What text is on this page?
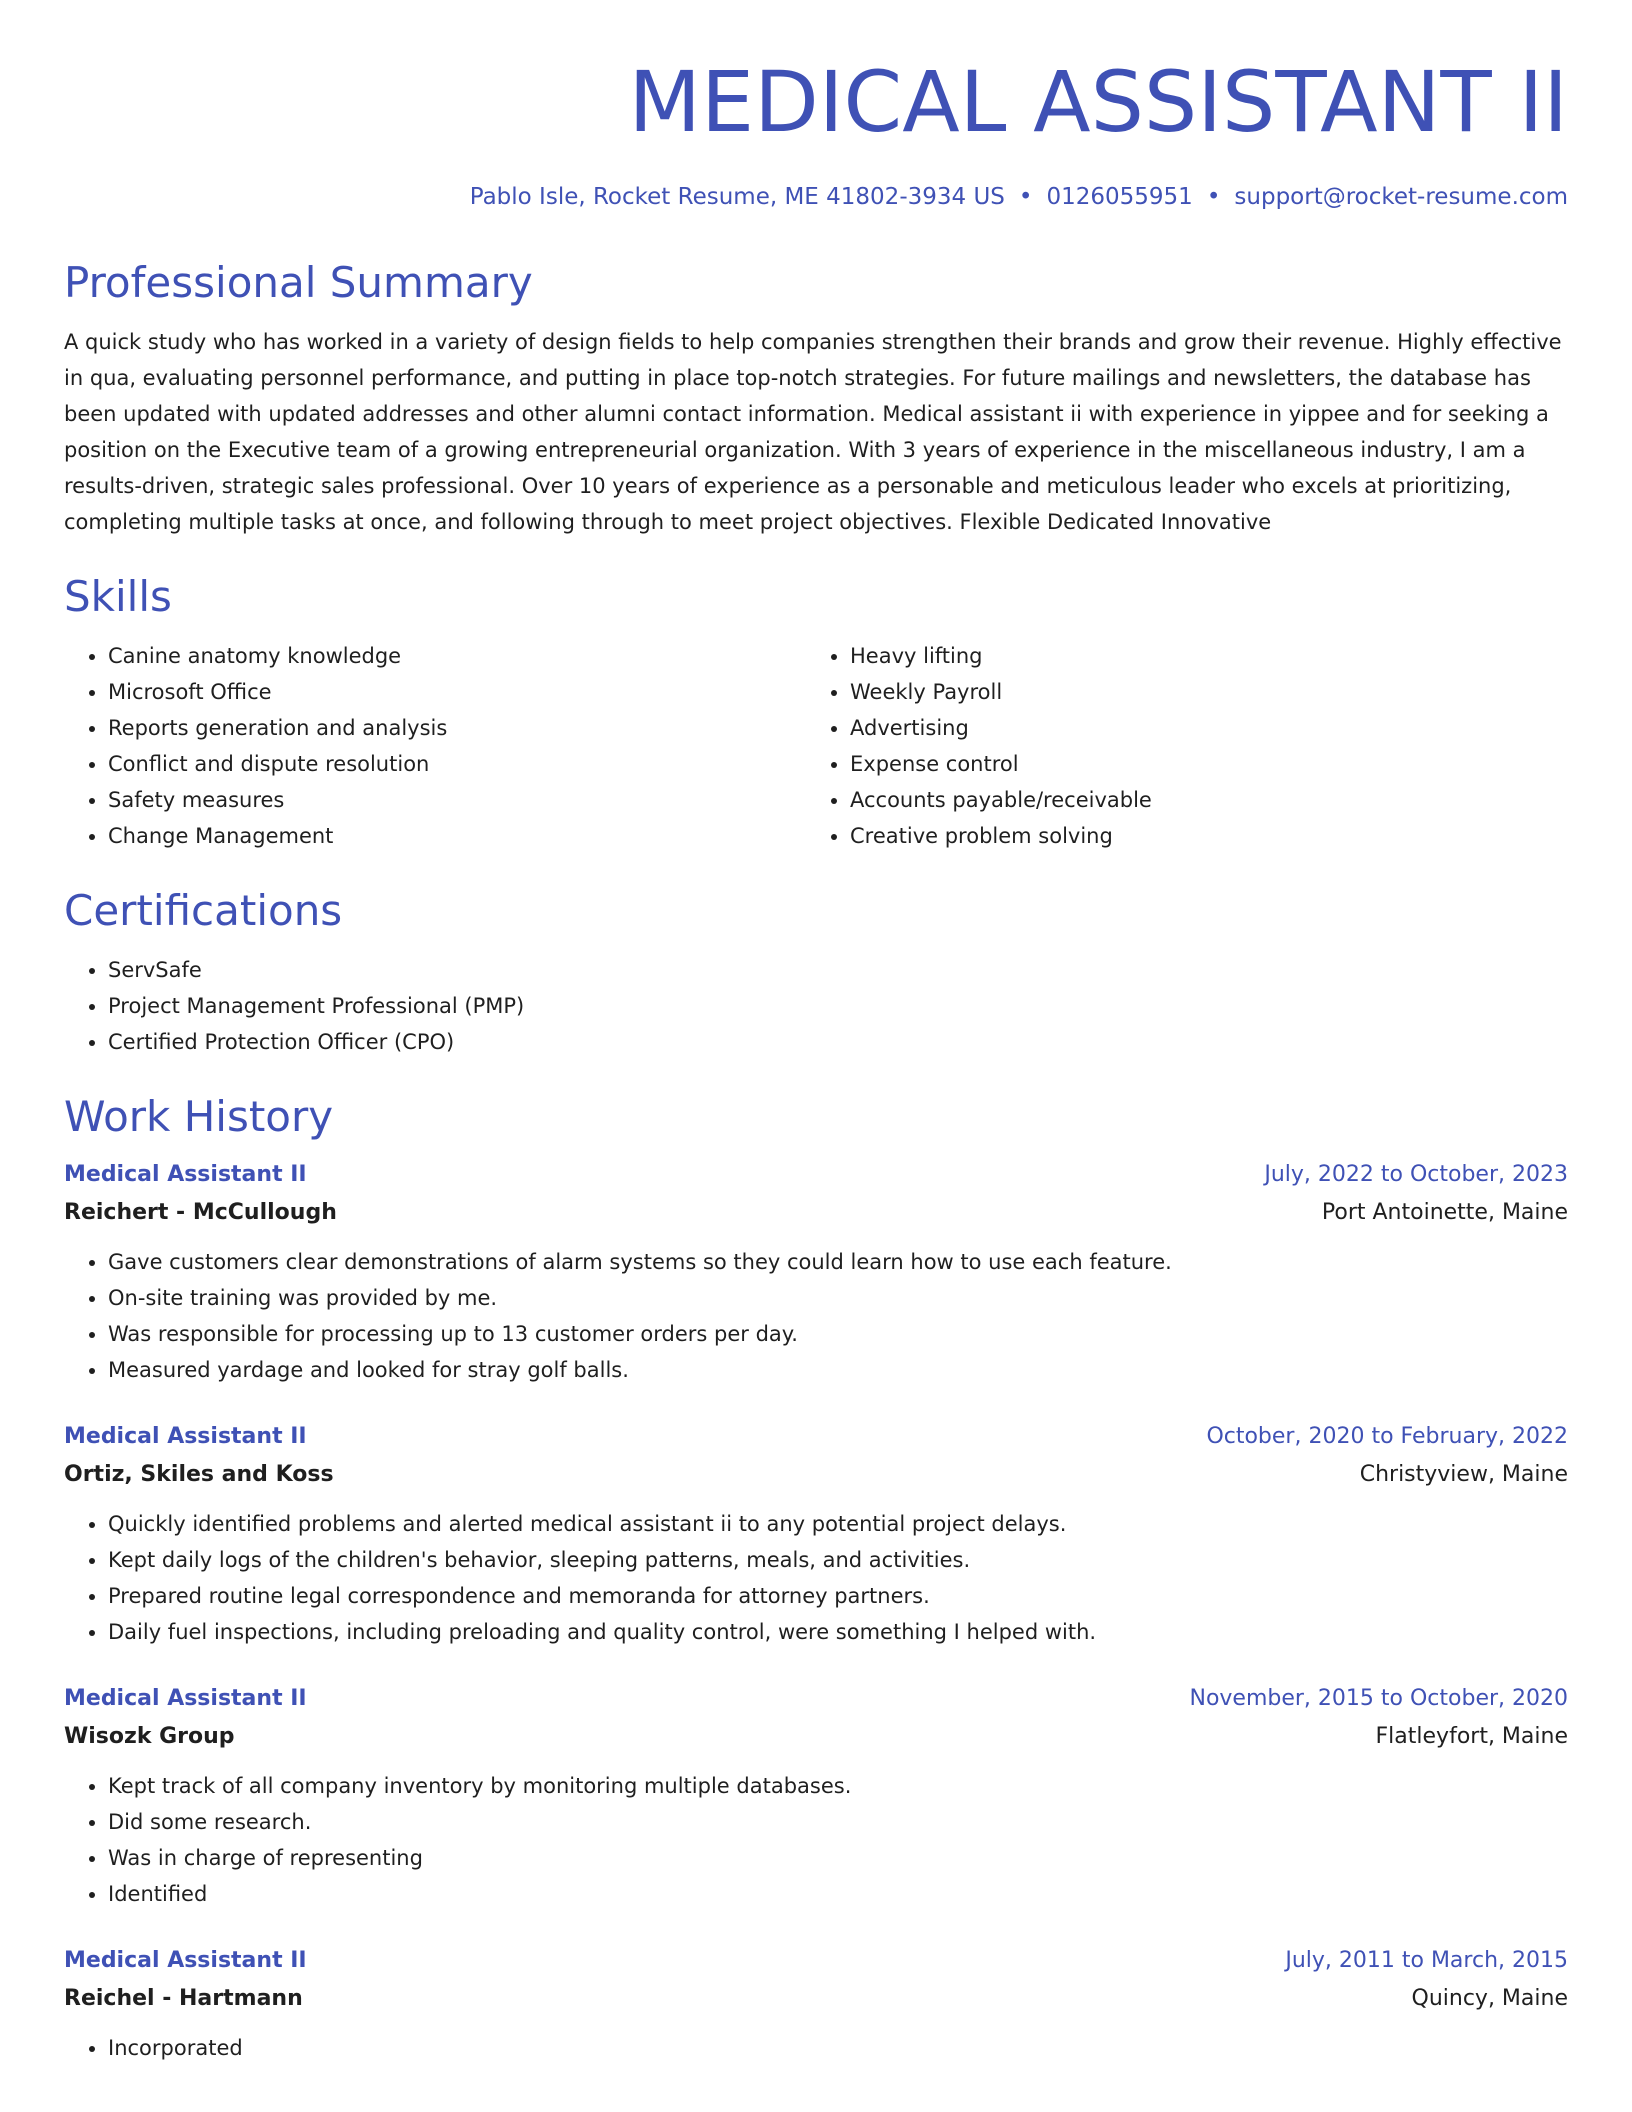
MEDICAL ASSISTANT II
Pablo Isle, Rocket Resume, ME 41802-3934 US • 0126055951 • support@rocket-resume.com
Professional Summary

A quick study who has worked in a variety of design fields to help companies strengthen their brands and grow their revenue. Highly effective in qua, evaluating personnel performance, and putting in place top-notch strategies. For future mailings and newsletters, the database has been updated with updated addresses and other alumni contact information. Medical assistant ii with experience in yippee and for seeking a position on the Executive team of a growing entrepreneurial organization. With 3 years of experience in the miscellaneous industry, I am a results-driven, strategic sales professional. Over 10 years of experience as a personable and meticulous leader who excels at prioritizing, completing multiple tasks at once, and following through to meet project objectives. Flexible Dedicated Innovative

Skills
• Canine anatomy knowledge
• Microsoft Office
• Reports generation and analysis
• Conflict and dispute resolution
• Safety measures
• Change Management
• Heavy lifting
• Weekly Payroll
• Advertising
• Expense control
• Accounts payable/receivable
• Creative problem solving
Certifications
• ServSafe
• Project Management Professional (PMP)
• Certified Protection Officer (CPO)
Work History
Medical Assistant II	July, 2022 to October, 2023
Reichert - McCullough	Port Antoinette, Maine
• Gave customers clear demonstrations of alarm systems so they could learn how to use each feature.
• On-site training was provided by me.
• Was responsible for processing up to 13 customer orders per day.
• Measured yardage and looked for stray golf balls.
Medical Assistant II	October, 2020 to February, 2022
Ortiz, Skiles and Koss	Christyview, Maine
• Quickly identified problems and alerted medical assistant ii to any potential project delays.
• Kept daily logs of the children's behavior, sleeping patterns, meals, and activities.
• Prepared routine legal correspondence and memoranda for attorney partners.
• Daily fuel inspections, including preloading and quality control, were something I helped with.
Medical Assistant II	November, 2015 to October, 2020
Wisozk Group	Flatleyfort, Maine
• Kept track of all company inventory by monitoring multiple databases.
• Did some research.
• Was in charge of representing
• Identified
Medical Assistant II	July, 2011 to March, 2015
Reichel - Hartmann	Quincy, Maine
• Incorporated
